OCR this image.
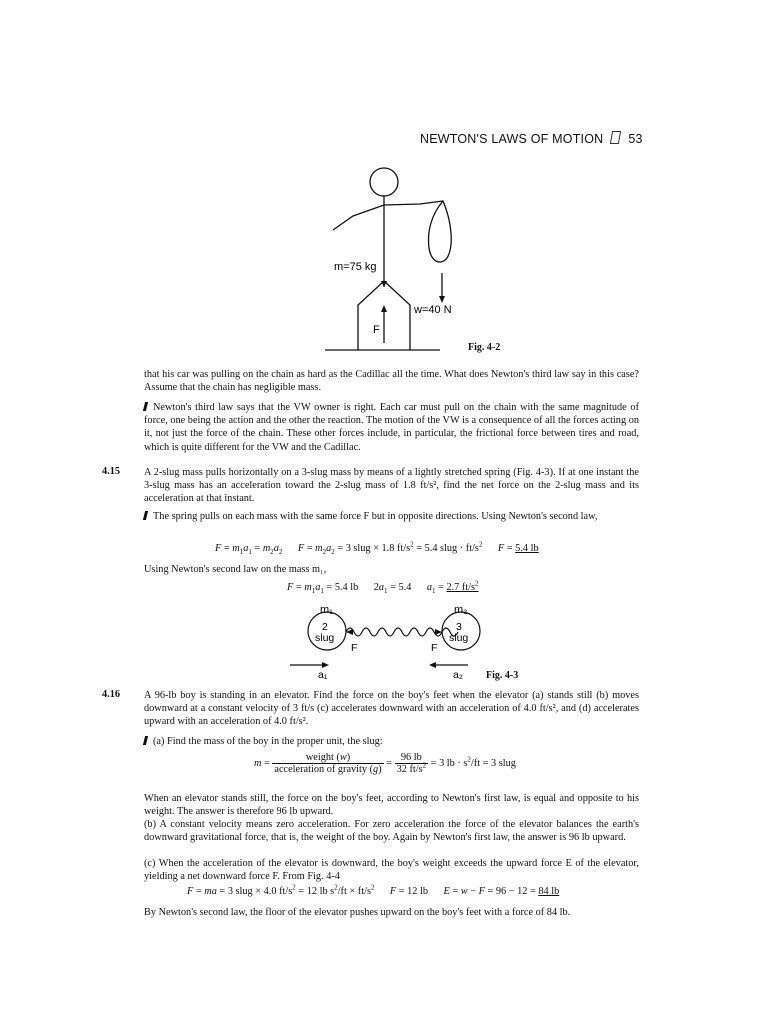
NEWTON'S LAWS OF MOTION 53
m=75 kg
w=40 N
F
Fig. 4-2

that his car was pulling on the chain as hard as the Cadillac all the time. What does Newton's third law say in this case? Assume that the chain has negligible mass.

Newton's third law says that the VW owner is right. Each car must pull on the chain with the same magnitude of force, one being the action and the other the reaction. The motion of the VW is a consequence of all the forces acting on it, not just the force of the chain. These other forces include, in particular, the frictional force between tires and road, which is quite different for the VW and the Cadillac.

4.15 A 2-slug mass pulls horizontally on a 3-slug mass by means of a lightly stretched spring (Fig. 4-3). If at one instant the 3-slug mass has an acceleration toward the 2-slug mass of 1.8 ft/s², find the net force on the 2-slug mass and its acceleration at that instant.

The spring pulls on each mass with the same force F but in opposite directions. Using Newton's second law,

$F = m_1a_1 = m_2a_2$ $F = m_2a_2 = 3$ slug × 1.8 $ft/s^2 = 5.4$ slug · $ft/s^2$ F = 5.4 lb

Using Newton's second law on the mass m₁,

$F = m_1a_1 = 5.4$ lb      $2a_1 = 5.4$      $a_1 = 2.7$ $ft/s^2$
m₁	m₂
2
slug
3
slug
F	F
a₁	a₂ Fig. 4-3
4.16 A 96-lb boy is standing in an elevator. Find the force on the boy's feet when the elevator (a) stands still (b) moves downward at a constant velocity of 3 ft/s (c) accelerates downward with an acceleration of 4.0 ft/s², and (d) accelerates upward with an acceleration of 4.0 ft/s².

(a) Find the mass of the boy in the proper unit, the slug:

$m = \frac{\text{weight (w)}}{\text{acceleration of gravity (g)}} = \frac{96 lb}{32 ft/s^2} = 3$ lb · $s^2/ft = 3$ slug

When an elevator stands still, the force on the boy's feet, according to Newton's first law, is equal and opposite to his weight. The answer is therefore 96 lb upward.

(b) A constant velocity means zero acceleration. For zero acceleration the force of the elevator balances the earth's downward gravitational force, that is, the weight of the boy. Again by Newton's first law, the answer is 96 lb upward.

(c) When the acceleration of the elevator is downward, the boy's weight exceeds the upward force E of the elevator, yielding a net downward force F. From Fig. 4-4

F = ma = 3 slug × 4.0 $ft/s^2 = 12$ lb $s^2/ft \times ft/s^2$ F = 12 lb      E = w − F = 96 − 12 = 84 lb

By Newton's second law, the floor of the elevator pushes upward on the boy's feet with a force of 84 lb.
